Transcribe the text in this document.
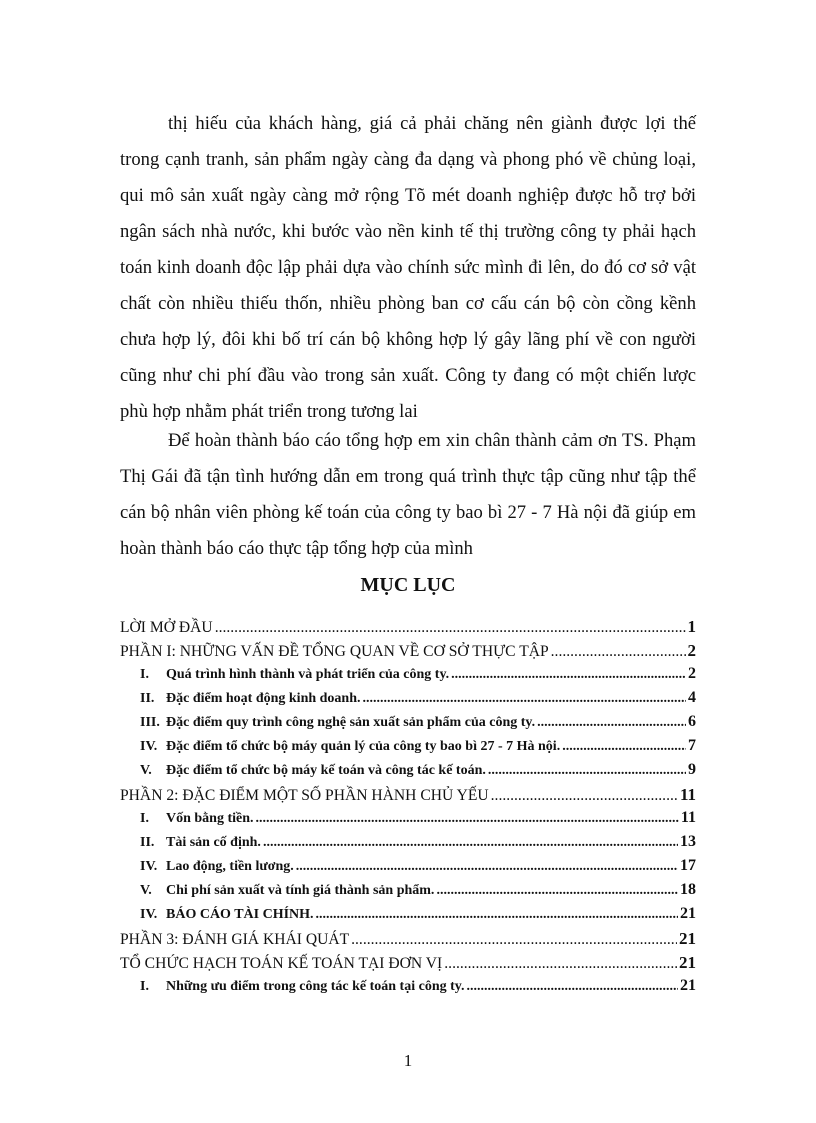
thị hiếu của khách hàng, giá cả phải chăng nên giành được lợi thế
trong cạnh tranh, sản phẩm ngày càng đa dạng và phong phó về chủng loại,
qui mô sản xuất ngày càng mở rộng Tõ mét doanh nghiệp được hỗ trợ bởi
ngân sách nhà nước, khi bước vào nền kinh tế thị trường công ty phải hạch
toán kinh doanh độc lập phải dựa vào chính sức mình đi lên, do đó cơ sở vật
chất còn nhiều thiếu thốn, nhiều phòng ban cơ cấu cán bộ còn cồng kềnh
chưa hợp lý, đôi khi bố trí cán bộ không hợp lý gây lãng phí về con người
cũng như chi phí đầu vào trong sản xuất. Công ty đang có một chiến lược
phù hợp nhằm phát triển trong tương lai
Để hoàn thành báo cáo tổng hợp em xin chân thành cảm ơn TS. Phạm
Thị Gái đã tận tình hướng dẫn em trong quá trình thực tập cũng như tập thể
cán bộ nhân viên phòng kế toán của công ty bao bì 27 - 7 Hà nội đã giúp em
hoàn thành báo cáo thực tập tổng hợp của mình
MỤC LỤC
LỜI MỞ ĐẦU .....	1
PHẦN I: NHỮNG VẤN ĐỀ TỔNG QUAN VỀ CƠ SỞ THỰC TẬP .....	2
I.	Quá trình hình thành và phát triển của công ty. .....	2
II. Đặc điểm hoạt động kinh doanh. .....	4
III. Đặc điểm quy trình công nghệ sản xuất sản phẩm của công ty. .....	6
IV. Đặc điểm tổ chức bộ máy quản lý của công ty bao bì 27 - 7 Hà nội. .....	7
V.	Đặc điểm tổ chức bộ máy kế toán và công tác kế toán. .....	9
PHẦN 2: ĐẶC ĐIỂM MỘT SỐ PHẦN HÀNH CHỦ YẾU .....	11
I.	Vốn bằng tiền. .....	11
II. Tài sản cố định. .....	13
IV. Lao động, tiền lương. .....	17
V.	Chi phí sản xuất và tính giá thành sản phẩm. .....	18
IV. BÁO CÁO TÀI CHÍNH. .....	21
PHẦN 3: ĐÁNH GIÁ KHÁI QUÁT .....	21
TỔ CHỨC HẠCH TOÁN KẾ TOÁN TẠI ĐƠN VỊ .....	21
I.	Những ưu điểm trong công tác kế toán tại công ty. .....	21
1
